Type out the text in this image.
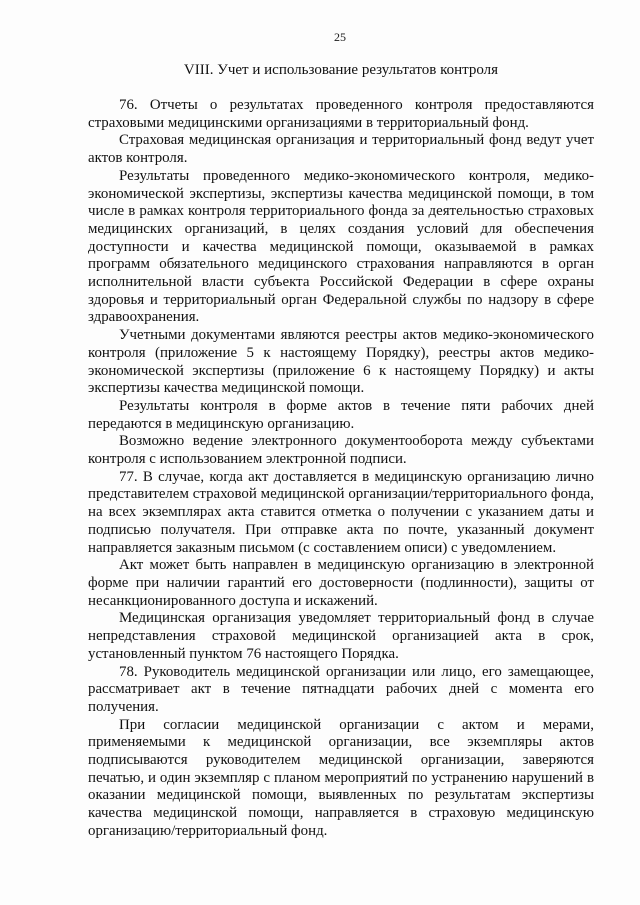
25
VIII. Учет и использование результатов контроля

76. Отчеты о результатах проведенного контроля предоставляются страховыми медицинскими организациями в территориальный фонд.

Страховая медицинская организация и территориальный фонд ведут учет актов контроля.

Результаты проведенного медико-экономического контроля, медико-экономической экспертизы, экспертизы качества медицинской помощи, в том числе в рамках контроля территориального фонда за деятельностью страховых медицинских организаций, в целях создания условий для обеспечения доступности и качества медицинской помощи, оказываемой в рамках программ обязательного медицинского страхования направляются в орган исполнительной власти субъекта Российской Федерации в сфере охраны здоровья и территориальный орган Федеральной службы по надзору в сфере здравоохранения.

Учетными документами являются реестры актов медико-экономического контроля (приложение 5 к настоящему Порядку), реестры актов медико-экономической экспертизы (приложение 6 к настоящему Порядку) и акты экспертизы качества медицинской помощи.

Результаты контроля в форме актов в течение пяти рабочих дней передаются в медицинскую организацию.

Возможно ведение электронного документооборота между субъектами контроля с использованием электронной подписи.

77. В случае, когда акт доставляется в медицинскую организацию лично представителем страховой медицинской организации/территориального фонда, на всех экземплярах акта ставится отметка о получении с указанием даты и подписью получателя. При отправке акта по почте, указанный документ направляется заказным письмом (с составлением описи) с уведомлением.

Акт может быть направлен в медицинскую организацию в электронной форме при наличии гарантий его достоверности (подлинности), защиты от несанкционированного доступа и искажений.

Медицинская организация уведомляет территориальный фонд в случае непредставления страховой медицинской организацией акта в срок, установленный пунктом 76 настоящего Порядка.

78. Руководитель медицинской организации или лицо, его замещающее, рассматривает акт в течение пятнадцати рабочих дней с момента его получения.

При согласии медицинской организации с актом и мерами, применяемыми к медицинской организации, все экземпляры актов подписываются руководителем медицинской организации, заверяются печатью, и один экземпляр с планом мероприятий по устранению нарушений в оказании медицинской помощи, выявленных по результатам экспертизы качества медицинской помощи, направляется в страховую медицинскую организацию/территориальный фонд.
